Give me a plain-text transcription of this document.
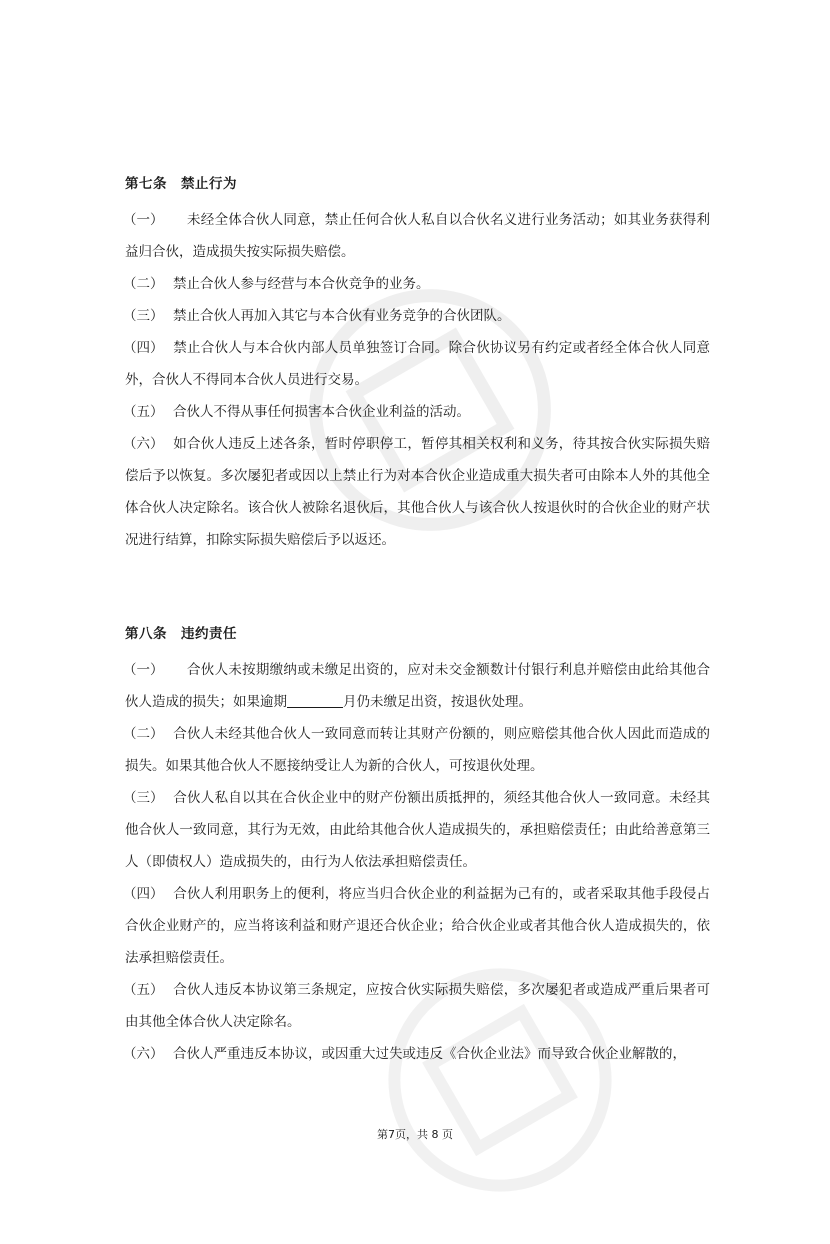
第七条 禁止行为

（一）　未经全体合伙人同意，禁止任何合伙人私自以合伙名义进行业务活动；如其业务获得利益归合伙，造成损失按实际损失赔偿。

（二） 禁止合伙人参与经营与本合伙竞争的业务。

（三） 禁止合伙人再加入其它与本合伙有业务竞争的合伙团队。

（四） 禁止合伙人与本合伙内部人员单独签订合同。除合伙协议另有约定或者经全体合伙人同意外，合伙人不得同本合伙人员进行交易。

（五） 合伙人不得从事任何损害本合伙企业利益的活动。

（六） 如合伙人违反上述各条，暂时停职停工，暂停其相关权利和义务，待其按合伙实际损失赔偿后予以恢复。多次屡犯者或因以上禁止行为对本合伙企业造成重大损失者可由除本人外的其他全体合伙人决定除名。该合伙人被除名退伙后，其他合伙人与该合伙人按退伙时的合伙企业的财产状况进行结算，扣除实际损失赔偿后予以返还。

第八条 违约责任

（一）　合伙人未按期缴纳或未缴足出资的，应对未交金额数计付银行利息并赔偿由此给其他合伙人造成的损失；如果逾期	月仍未缴足出资，按退伙处理。

（二） 合伙人未经其他合伙人一致同意而转让其财产份额的，则应赔偿其他合伙人因此而造成的损失。如果其他合伙人不愿接纳受让人为新的合伙人，可按退伙处理。

（三） 合伙人私自以其在合伙企业中的财产份额出质抵押的，须经其他合伙人一致同意。未经其他合伙人一致同意，其行为无效，由此给其他合伙人造成损失的，承担赔偿责任；由此给善意第三人（即债权人）造成损失的，由行为人依法承担赔偿责任。

（四） 合伙人利用职务上的便利，将应当归合伙企业的利益据为己有的，或者采取其他手段侵占合伙企业财产的，应当将该利益和财产退还合伙企业；给合伙企业或者其他合伙人造成损失的，依法承担赔偿责任。

（五） 合伙人违反本协议第三条规定，应按合伙实际损失赔偿，多次屡犯者或造成严重后果者可由其他全体合伙人决定除名。

（六） 合伙人严重违反本协议，或因重大过失或违反《合伙企业法》而导致合伙企业解散的，

第7页，共 8 页
